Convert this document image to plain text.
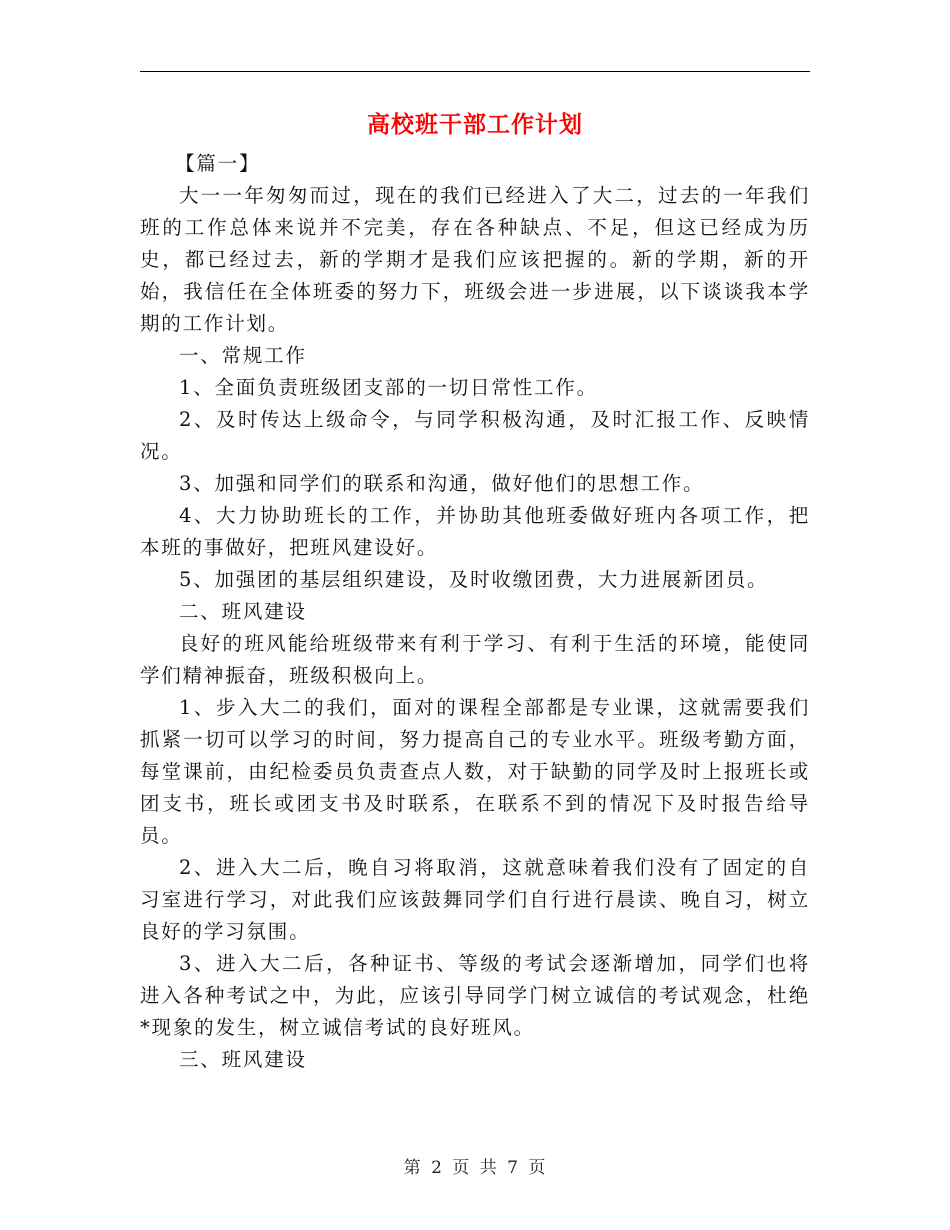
高校班干部工作计划

【篇一】

大一一年匆匆而过，现在的我们已经进入了大二，过去的一年我们班的工作总体来说并不完美，存在各种缺点、不足，但这已经成为历史，都已经过去，新的学期才是我们应该把握的。新的学期，新的开始，我信任在全体班委的努力下，班级会进一步进展，以下谈谈我本学期的工作计划。

一、常规工作

1、全面负责班级团支部的一切日常性工作。

2、及时传达上级命令，与同学积极沟通，及时汇报工作、反映情况。

3、加强和同学们的联系和沟通，做好他们的思想工作。

4、大力协助班长的工作，并协助其他班委做好班内各项工作，把本班的事做好，把班风建设好。

5、加强团的基层组织建设，及时收缴团费，大力进展新团员。

二、班风建设

良好的班风能给班级带来有利于学习、有利于生活的环境，能使同学们精神振奋，班级积极向上。

1、步入大二的我们，面对的课程全部都是专业课，这就需要我们抓紧一切可以学习的时间，努力提高自己的专业水平。班级考勤方面，每堂课前，由纪检委员负责查点人数，对于缺勤的同学及时上报班长或团支书，班长或团支书及时联系，在联系不到的情况下及时报告给导员。

2、进入大二后，晚自习将取消，这就意味着我们没有了固定的自习室进行学习，对此我们应该鼓舞同学们自行进行晨读、晚自习，树立良好的学习氛围。

3、进入大二后，各种证书、等级的考试会逐渐增加，同学们也将进入各种考试之中，为此，应该引导同学门树立诚信的考试观念，杜绝*现象的发生，树立诚信考试的良好班风。

三、班风建设

第 2 页 共 7 页
